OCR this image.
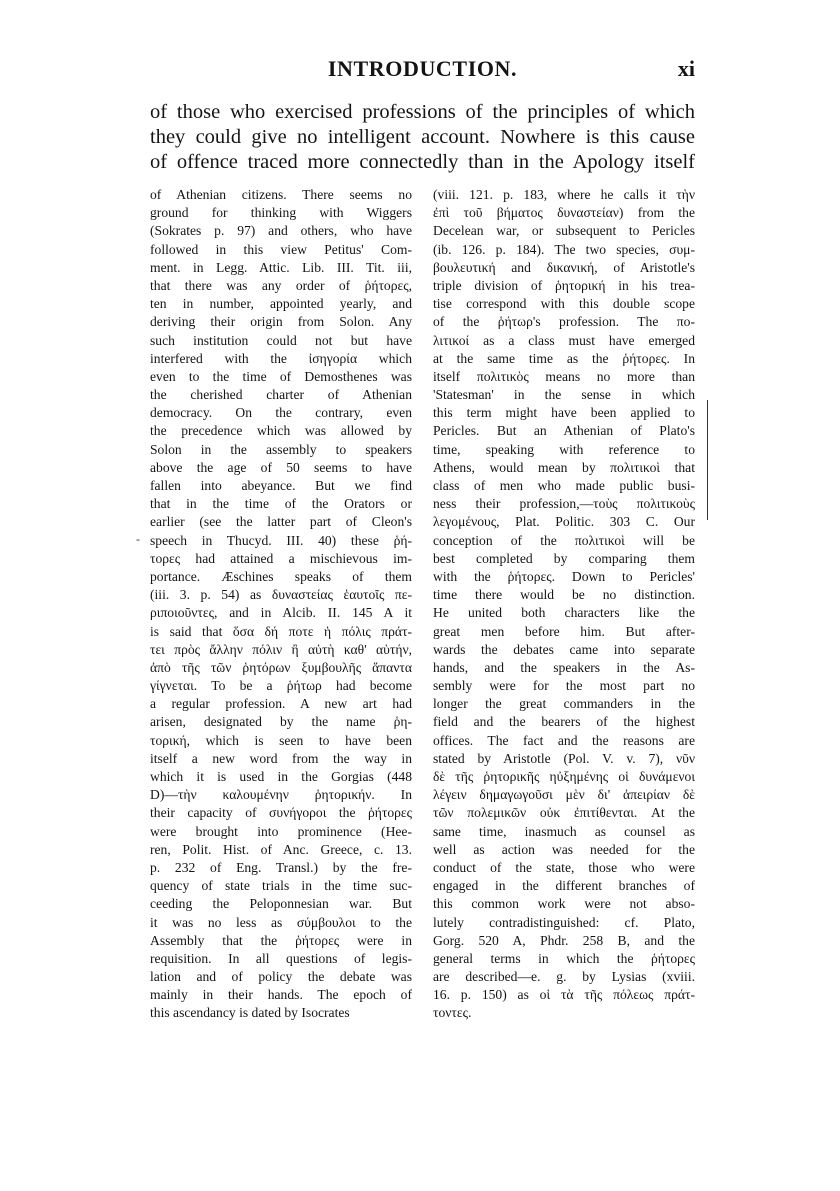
INTRODUCTION.	xi
of those who exercised professions of the principles of which
they could give no intelligent account. Nowhere is this cause
of offence traced more connectedly than in the Apology itself
of Athenian citizens. There seems no
ground for thinking with Wiggers
(Sokrates p. 97) and others, who have
followed in this view Petitus' Com-
ment. in Legg. Attic. Lib. III. Tit. iii,
that there was any order of ῥήτορες,
ten in number, appointed yearly, and
deriving their origin from Solon. Any
such institution could not but have
interfered with the ἰσηγορία which
even to the time of Demosthenes was
the cherished charter of Athenian
democracy. On the contrary, even
the precedence which was allowed by
Solon in the assembly to speakers
above the age of 50 seems to have
fallen into abeyance. But we find
that in the time of the Orators or
earlier (see the latter part of Cleon's
speech in Thucyd. III. 40) these ῥή-
τορες had attained a mischievous im-
portance. Æschines speaks of them
(iii. 3. p. 54) as δυναστείας ἑαυτοῖς πε-
ριποιοῦντες, and in Alcib. II. 145 A it
is said that ὅσα δή ποτε ἡ πόλις πράτ-
τει πρὸς ἄλλην πόλιν ἢ αὐτὴ καθ' αὑτήν,
ἀπὸ τῆς τῶν ῥητόρων ξυμβουλῆς ἅπαντα
γίγνεται. To be a ῥήτωρ had become
a regular profession. A new art had
arisen, designated by the name ῥη-
τορική, which is seen to have been
itself a new word from the way in
which it is used in the Gorgias (448
D)—τὴν καλουμένην ῥητορικήν. In
their capacity of συνήγοροι the ῥήτορες
were brought into prominence (Hee-
ren, Polit. Hist. of Anc. Greece, c. 13.
p. 232 of Eng. Transl.) by the fre-
quency of state trials in the time suc-
ceeding the Peloponnesian war. But
it was no less as σύμβουλοι to the
Assembly that the ῥήτορες were in
requisition. In all questions of legis-
lation and of policy the debate was
mainly in their hands. The epoch of
this ascendancy is dated by Isocrates
(viii. 121. p. 183, where he calls it τὴν
ἐπὶ τοῦ βήματος δυναστείαν) from the
Decelean war, or subsequent to Pericles
(ib. 126. p. 184). The two species, συμ-
βουλευτική and δικανική, of Aristotle's
triple division of ῥητορική in his trea-
tise correspond with this double scope
of the ῥήτωρ's profession. The πο-
λιτικοί as a class must have emerged
at the same time as the ῥήτορες. In
itself πολιτικὸς means no more than
'Statesman' in the sense in which
this term might have been applied to
Pericles. But an Athenian of Plato's
time, speaking with reference to
Athens, would mean by πολιτικοὶ that
class of men who made public busi-
ness their profession,—τοὺς πολιτικοὺς
λεγομένους, Plat. Politic. 303 C. Our
conception of the πολιτικοὶ will be
best completed by comparing them
with the ῥήτορες. Down to Pericles'
time there would be no distinction.
He united both characters like the
great men before him. But after-
wards the debates came into separate
hands, and the speakers in the As-
sembly were for the most part no
longer the great commanders in the
field and the bearers of the highest
offices. The fact and the reasons are
stated by Aristotle (Pol. V. v. 7), νῦν
δὲ τῆς ῥητορικῆς ηὐξημένης οἱ δυνάμενοι
λέγειν δημαγωγοῦσι μὲν δι' ἀπειρίαν δὲ
τῶν πολεμικῶν οὐκ ἐπιτίθενται. At the
same time, inasmuch as counsel as
well as action was needed for the
conduct of the state, those who were
engaged in the different branches of
this common work were not abso-
lutely contradistinguished: cf. Plato,
Gorg. 520 A, Phdr. 258 B, and the
general terms in which the ῥήτορες
are described—e. g. by Lysias (xviii.
16. p. 150) as οἱ τὰ τῆς πόλεως πράτ-
τοντες.
‐
